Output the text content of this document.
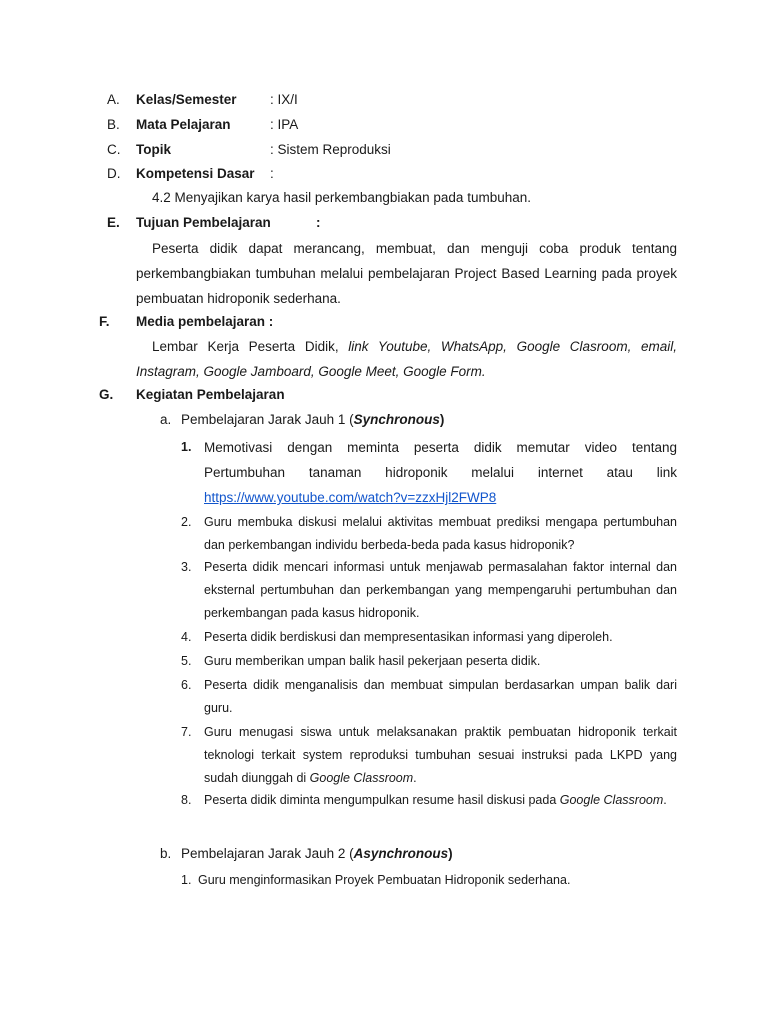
A. Kelas/Semester : IX/I
B. Mata Pelajaran	: IPA
C. Topik	: Sistem Reproduksi
D. Kompetensi Dasar :
4.2 Menyajikan karya hasil perkembangbiakan pada tumbuhan.
E. Tujuan Pembelajaran	:
Peserta didik dapat merancang, membuat, dan menguji coba produk tentang perkembangbiakan tumbuhan melalui pembelajaran Project Based Learning pada proyek pembuatan hidroponik sederhana.
F. Media pembelajaran :
Lembar Kerja Peserta Didik, link Youtube, WhatsApp, Google Clasroom, email, Instagram, Google Jamboard, Google Meet, Google Form.
G. Kegiatan Pembelajaran
a. Pembelajaran Jarak Jauh 1 (Synchronous)
1. Memotivasi dengan meminta peserta didik memutar video tentang Pertumbuhan tanaman hidroponik melalui internet atau link https://www.youtube.com/watch?v=zzxHjl2FWP8
2. Guru membuka diskusi melalui aktivitas membuat prediksi mengapa pertumbuhan dan perkembangan individu berbeda-beda pada kasus hidroponik?
3. Peserta didik mencari informasi untuk menjawab permasalahan faktor internal dan eksternal pertumbuhan dan perkembangan yang mempengaruhi pertumbuhan dan perkembangan pada kasus hidroponik.
4. Peserta didik berdiskusi dan mempresentasikan informasi yang diperoleh.
5. Guru memberikan umpan balik hasil pekerjaan peserta didik.
6. Peserta didik menganalisis dan membuat simpulan berdasarkan umpan balik dari guru.
7. Guru menugasi siswa untuk melaksanakan praktik pembuatan hidroponik terkait teknologi terkait system reproduksi tumbuhan sesuai instruksi pada LKPD yang sudah diunggah di Google Classroom.
8. Peserta didik diminta mengumpulkan resume hasil diskusi pada Google Classroom.
b. Pembelajaran Jarak Jauh 2 (Asynchronous)
1. Guru menginformasikan Proyek Pembuatan Hidroponik sederhana.
